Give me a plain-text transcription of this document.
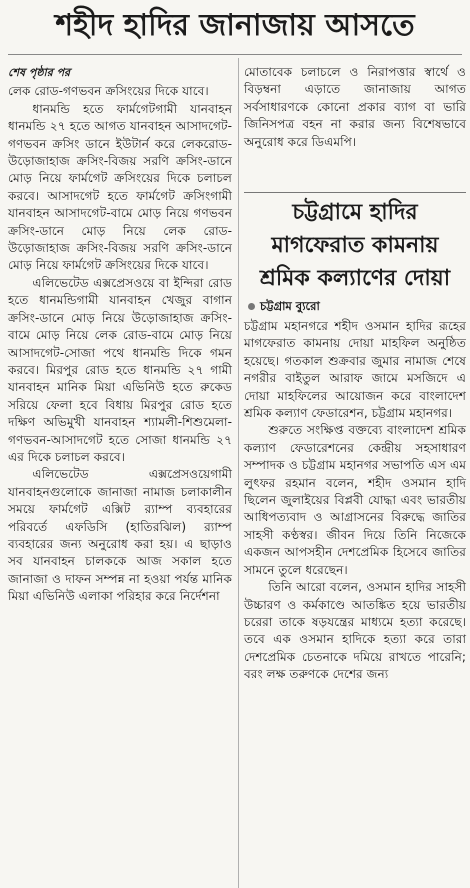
শহীদ হাদির জানাজায় আসতে
শেষ পৃষ্ঠার পর

লেক রোড-গণভবন ক্রসিংয়ের দিকে যাবে।

ধানমন্ডি হতে ফার্মগেটগামী যানবাহন ধানমন্ডি ২৭ হতে আগত যানবাহন আসাদগেট-গণভবন ক্রসিং ডানে ইউটার্ন করে লেকরোড-উড়োজাহাজ ক্রসিং-বিজয় সরণি ক্রসিং-ডানে মোড় নিয়ে ফার্মগেট ক্রসিংয়ের দিকে চলাচল করবে। আসাদগেট হতে ফার্মগেট ক্রসিংগামী যানবাহন আসাদগেট-বামে মোড় নিয়ে গণভবন ক্রসিং-ডানে মোড় নিয়ে লেক রোড-উড়োজাহাজ ক্রসিং-বিজয় সরণি ক্রসিং-ডানে মোড় নিয়ে ফার্মগেট ক্রসিংয়ের দিকে যাবে।

এলিভেটেড এক্সপ্রেসওয়ে বা ইন্দিরা রোড হতে ধানমন্ডিগামী যানবাহন খেজুর বাগান ক্রসিং-ডানে মোড় নিয়ে উড়োজাহাজ ক্রসিং-বামে মোড় নিয়ে লেক রোড-বামে মোড় নিয়ে আসাদগেট-সোজা পথে ধানমন্ডি দিকে গমন করবে। মিরপুর রোড হতে ধানমন্ডি ২৭ গামী যানবাহন মানিক মিয়া এভিনিউ হতে রুকেড সরিয়ে ফেলা হবে বিধায় মিরপুর রোড হতে দক্ষিণ অভিমুখী যানবাহন শ্যামলী-শিশুমেলা-গণভবন-আসাদগেট হতে সোজা ধানমন্ডি ২৭ এর দিকে চলাচল করবে।

এলিভেটেড এক্সপ্রেসওয়েগামী যানবাহনগুলোকে জানাজা নামাজ চলাকালীন সময়ে ফার্মগেট এক্সিট র‍্যাম্প ব্যবহারের পরিবর্তে এফডিসি (হাতিরঝিল) র‍্যাম্প ব্যবহারের জন্য অনুরোধ করা হয়। এ ছাড়াও সব যানবাহন চালককে আজ সকাল হতে জানাজা ও দাফন সম্পন্ন না হওয়া পর্যন্ত মানিক মিয়া এভিনিউ এলাকা পরিহার করে নির্দেশনা

মোতাবেক চলাচলে ও নিরাপত্তার স্বার্থে ও বিড়ম্বনা এড়াতে জানাজায় আগত সর্বসাধারণকে কোনো প্রকার ব্যাগ বা ভারি জিনিসপত্র বহন না করার জন্য বিশেষভাবে অনুরোধ করে ডিএমপি।

চট্টগ্রামে হাদির মাগফেরাত কামনায় শ্রমিক কল্যাণের দোয়া
চট্টগ্রাম ব্যুরো

চট্টগ্রাম মহানগরে শহীদ ওসমান হাদির রূহের মাগফেরাত কামনায় দোয়া মাহফিল অনুষ্ঠিত হয়েছে। গতকাল শুক্রবার জুমার নামাজ শেষে নগরীর বাইতুল আরাফ জামে মসজিদে এ দোয়া মাহফিলের আয়োজন করে বাংলাদেশ শ্রমিক কল্যাণ ফেডারেশন, চট্টগ্রাম মহানগর।

শুরুতে সংক্ষিপ্ত বক্তব্যে বাংলাদেশ শ্রমিক কল্যাণ ফেডারেশনের কেন্দ্রীয় সহসাধারণ সম্পাদক ও চট্টগ্রাম মহানগর সভাপতি এস এম লুৎফর রহমান বলেন, শহীদ ওসমান হাদি ছিলেন জুলাইয়ের বিপ্লবী যোদ্ধা এবং ভারতীয় আধিপত্যবাদ ও আগ্রাসনের বিরুদ্ধে জাতির সাহসী কণ্ঠস্বর। জীবন দিয়ে তিনি নিজেকে একজন আপসহীন দেশপ্রেমিক হিসেবে জাতির সামনে তুলে ধরেছেন।

তিনি আরো বলেন, ওসমান হাদির সাহসী উচ্চারণ ও কর্মকাণ্ডে আতঙ্কিত হয়ে ভারতীয় চরেরা তাকে ষড়যন্ত্রের মাধ্যমে হত্যা করেছে। তবে এক ওসমান হাদিকে হত্যা করে তারা দেশপ্রেমিক চেতনাকে দমিয়ে রাখতে পারেনি; বরং লক্ষ তরুণকে দেশের জন্য
